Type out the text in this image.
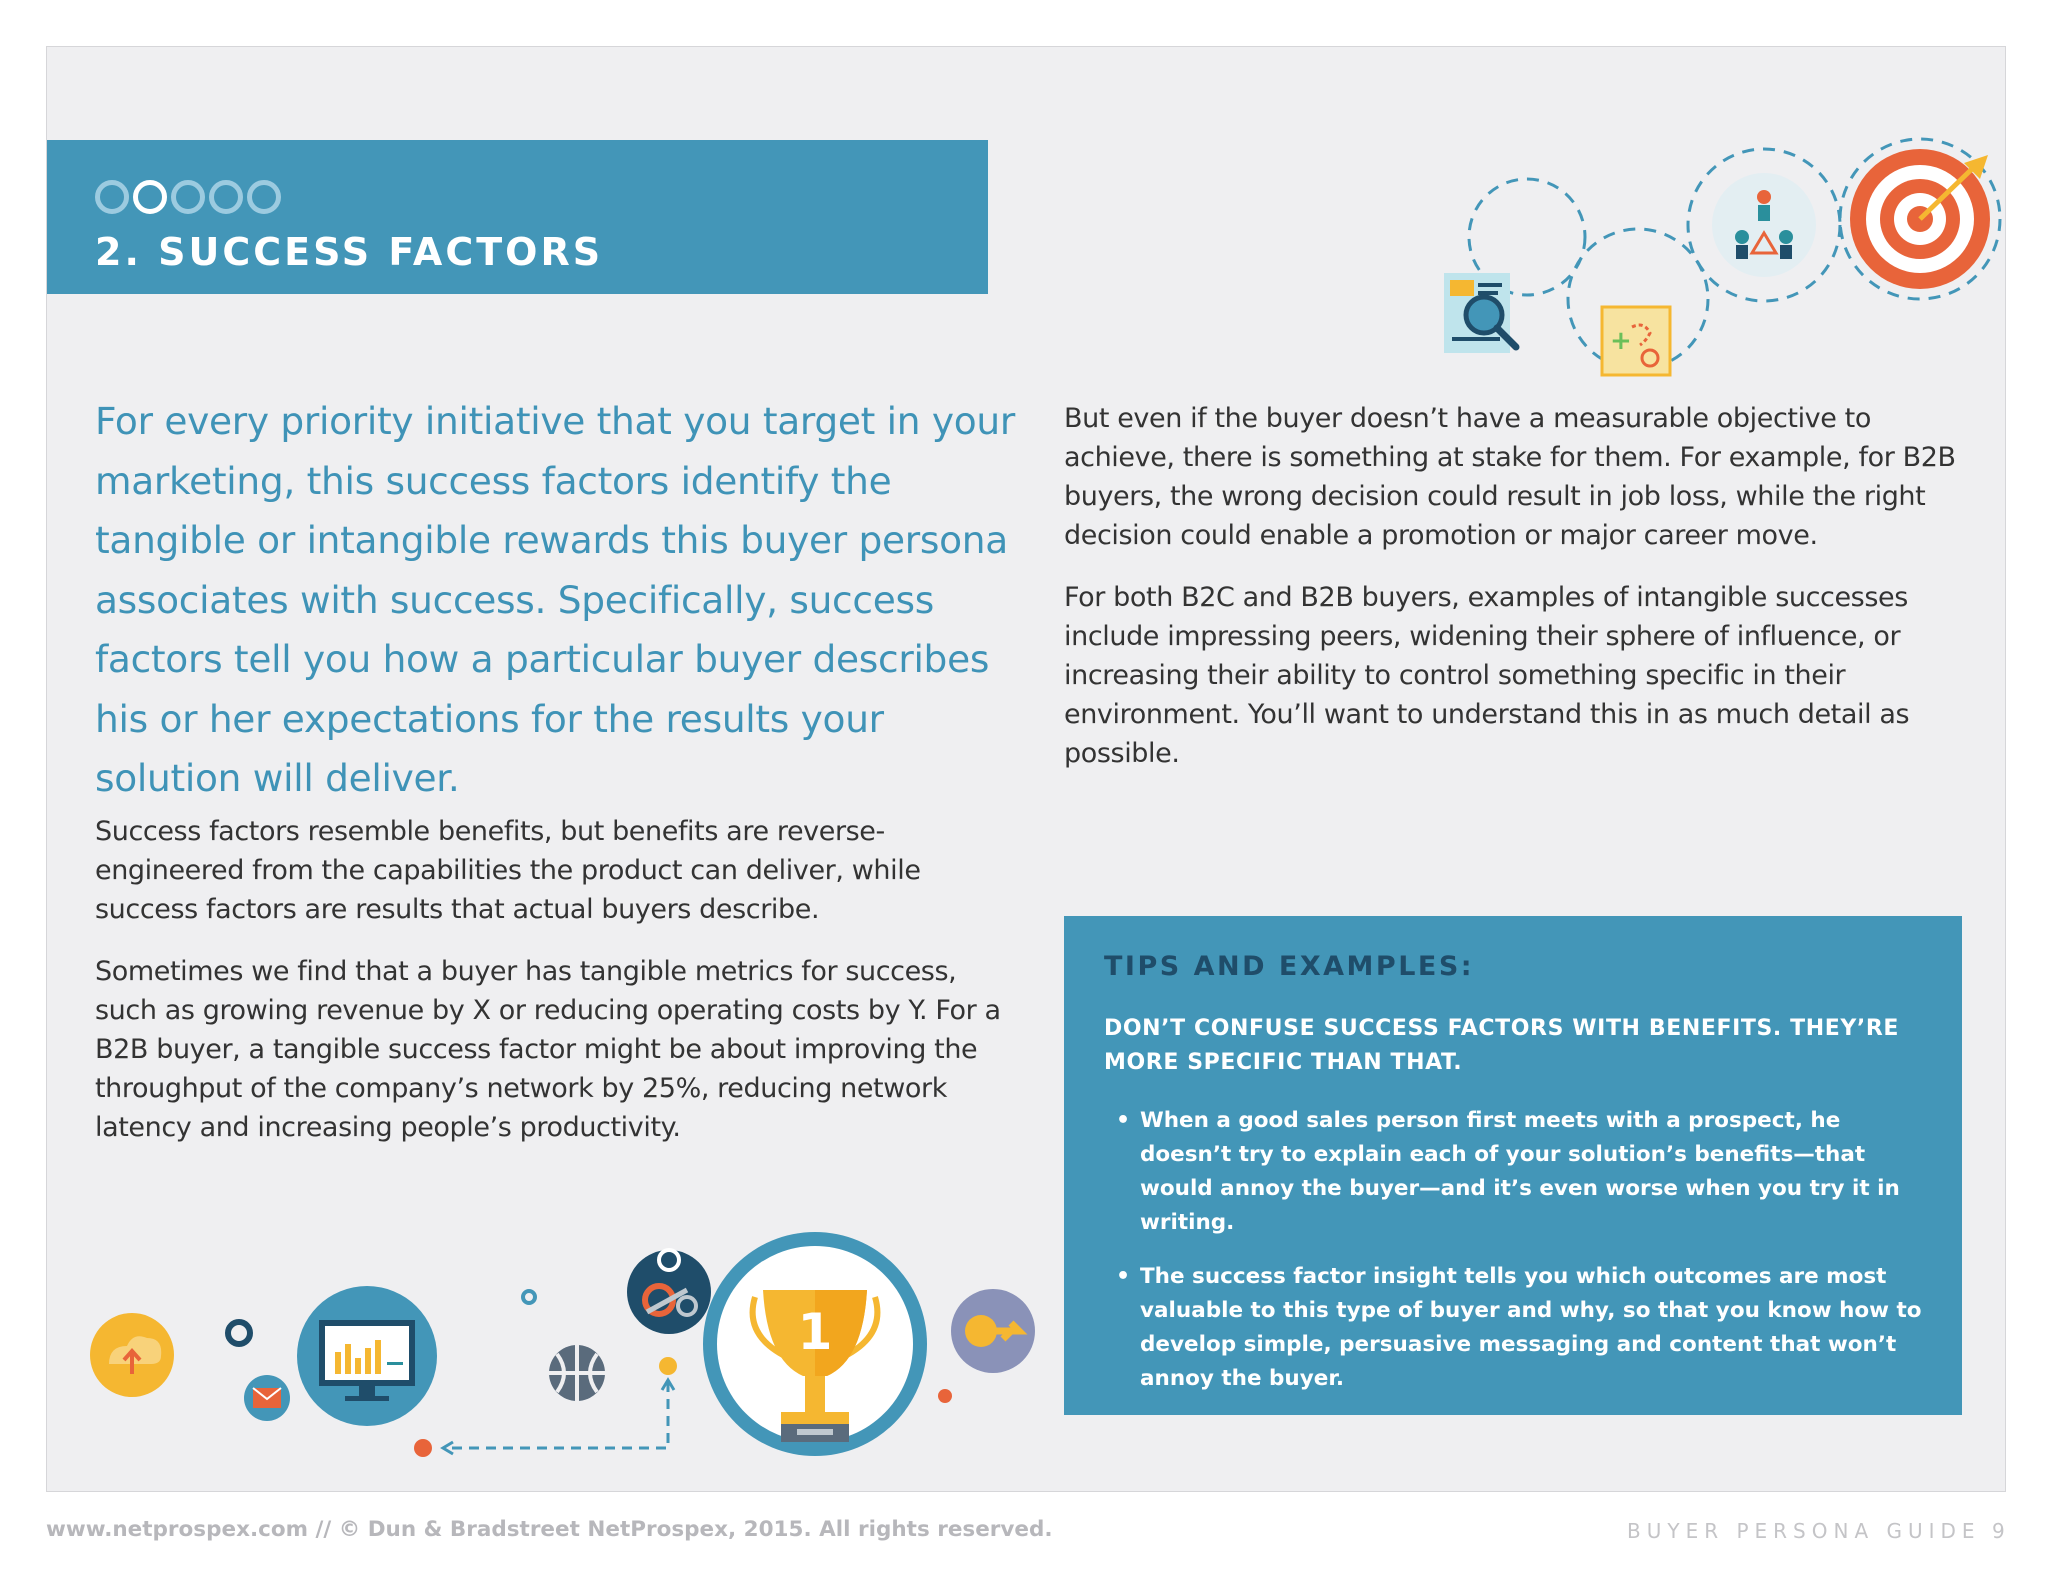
2. SUCCESS FACTORS
+

For every priority initiative that you target in your marketing, this success factors identify the tangible or intangible rewards this buyer persona associates with success. Specifically, success factors tell you how a particular buyer describes his or her expectations for the results your solution will deliver.

Success factors resemble benefits, but benefits are reverse-engineered from the capabilities the product can deliver, while success factors are results that actual buyers describe.

Sometimes we find that a buyer has tangible metrics for success, such as growing revenue by X or reducing operating costs by Y. For a B2B buyer, a tangible success factor might be about improving the throughput of the company’s network by 25%, reducing network latency and increasing people’s productivity.

But even if the buyer doesn’t have a measurable objective to achieve, there is something at stake for them. For example, for B2B buyers, the wrong decision could result in job loss, while the right decision could enable a promotion or major career move.

For both B2C and B2B buyers, examples of intangible successes include impressing peers, widening their sphere of influence, or increasing their ability to control something specific in their environment. You’ll want to understand this in as much detail as possible.

TIPS AND EXAMPLES:
DON’T CONFUSE SUCCESS FACTORS WITH BENEFITS. THEY’RE MORE SPECIFIC THAN THAT.
• When a good sales person first meets with a prospect, he doesn’t try to explain each of your solution’s benefits—that would annoy the buyer—and it’s even worse when you try it in writing.
• The success factor insight tells you which outcomes are most valuable to this type of buyer and why, so that you know how to develop simple, persuasive messaging and content that won’t annoy the buyer.
1
www.netprospex.com // © Dun & Bradstreet NetProspex, 2015. All rights reserved.	BUYER PERSONA GUIDE 9
